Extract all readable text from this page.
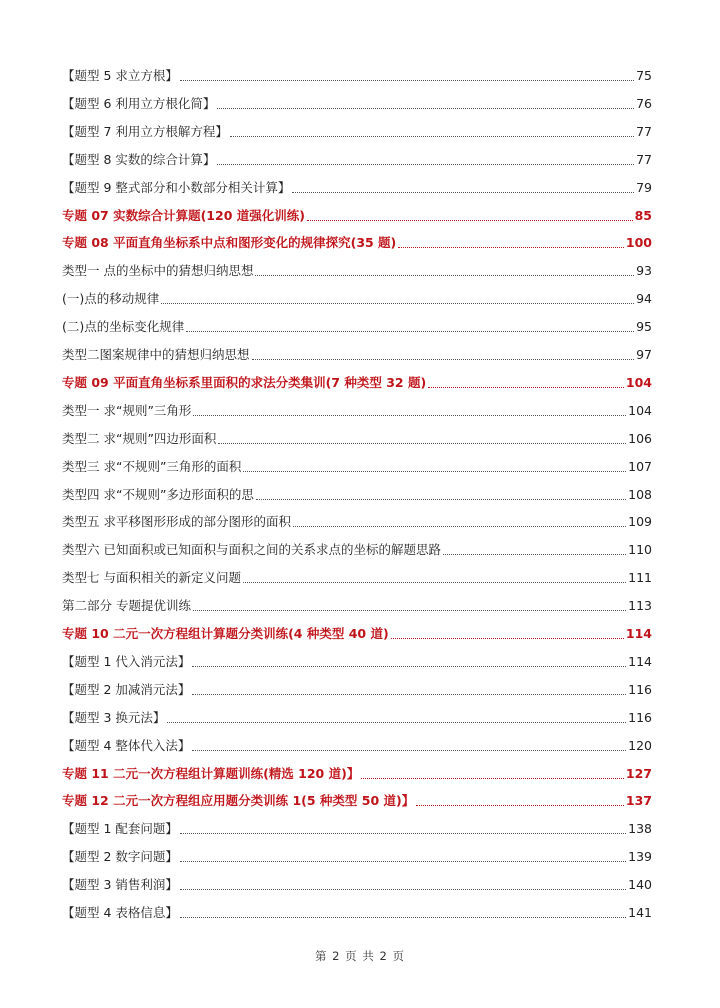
【题型 5 求立方根】	75
【题型 6 利用立方根化简】	76
【题型 7 利用立方根解方程】	77
【题型 8 实数的综合计算】	77
【题型 9 整式部分和小数部分相关计算】	79
专题 07 实数综合计算题(120 道强化训练)	85
专题 08 平面直角坐标系中点和图形变化的规律探究(35 题)	100
类型一 点的坐标中的猜想归纳思想	93
(一)点的移动规律	94
(二)点的坐标变化规律	95
类型二图案规律中的猜想归纳思想	97
专题 09 平面直角坐标系里面积的求法分类集训(7 种类型 32 题)	104
类型一 求“规则”三角形	104
类型二 求“规则”四边形面积	106
类型三 求“不规则”三角形的面积	107
类型四 求“不规则”多边形面积的思	108
类型五 求平移图形形成的部分图形的面积	109
类型六 已知面积或已知面积与面积之间的关系求点的坐标的解题思路	110
类型七 与面积相关的新定义问题	111
第二部分 专题提优训练	113
专题 10 二元一次方程组计算题分类训练(4 种类型 40 道)	114
【题型 1 代入消元法】	114
【题型 2 加减消元法】	116
【题型 3 换元法】	116
【题型 4 整体代入法】	120
专题 11 二元一次方程组计算题训练(精选 120 道)】	127
专题 12 二元一次方程组应用题分类训练 1(5 种类型 50 道)】	137
【题型 1 配套问题】	138
【题型 2 数字问题】	139
【题型 3 销售利润】	140
【题型 4 表格信息】	141
第 2 页 共 2 页
